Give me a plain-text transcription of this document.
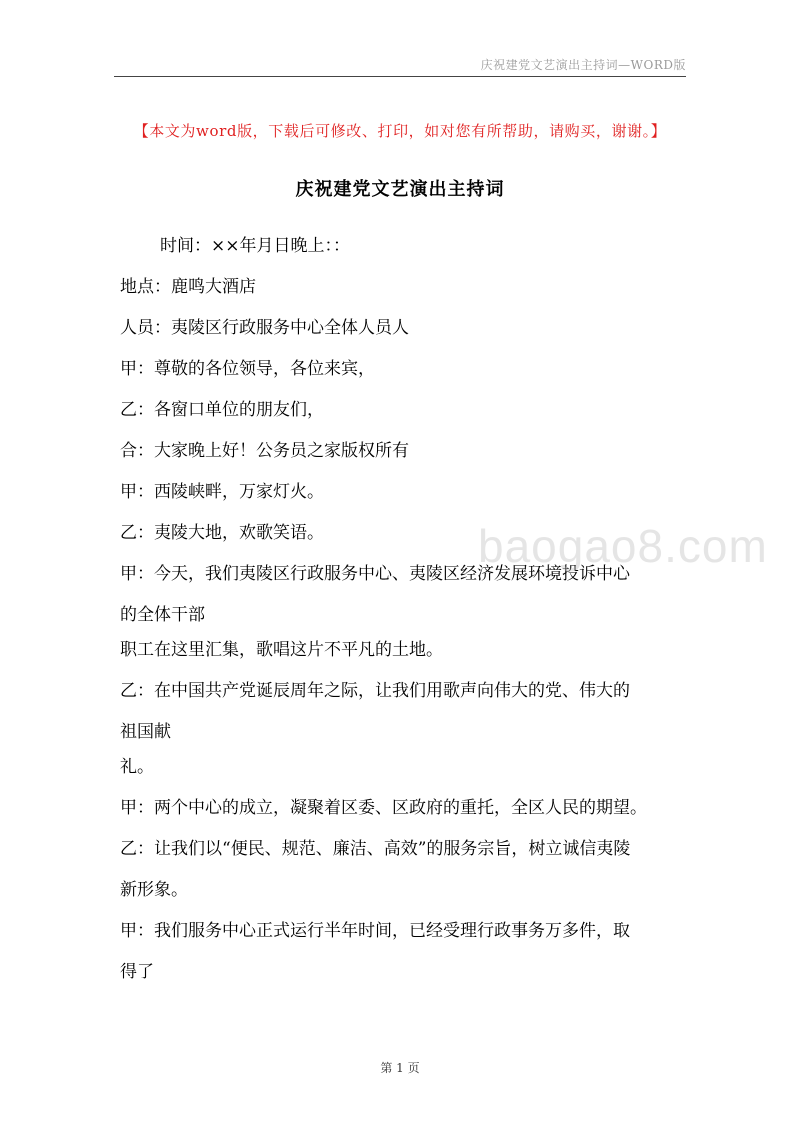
庆祝建党文艺演出主持词—WORD版
【本文为word版，下载后可修改、打印，如对您有所帮助，请购买，谢谢。】
庆祝建党文艺演出主持词
时间：××年月日晚上：：
地点：鹿鸣大酒店
人员：夷陵区行政服务中心全体人员人
甲：尊敬的各位领导，各位来宾，
乙：各窗口单位的朋友们，
合：大家晚上好！公务员之家版权所有
甲：西陵峡畔，万家灯火。
乙：夷陵大地，欢歌笑语。
甲：今天，我们夷陵区行政服务中心、夷陵区经济发展环境投诉中心
的全体干部
职工在这里汇集，歌唱这片不平凡的土地。
乙：在中国共产党诞辰周年之际，让我们用歌声向伟大的党、伟大的
祖国献
礼。
甲：两个中心的成立，凝聚着区委、区政府的重托，全区人民的期望。
乙：让我们以“便民、规范、廉洁、高效”的服务宗旨，树立诚信夷陵
新形象。
甲：我们服务中心正式运行半年时间，已经受理行政事务万多件，取
得了
baogao8.com
第 1 页
